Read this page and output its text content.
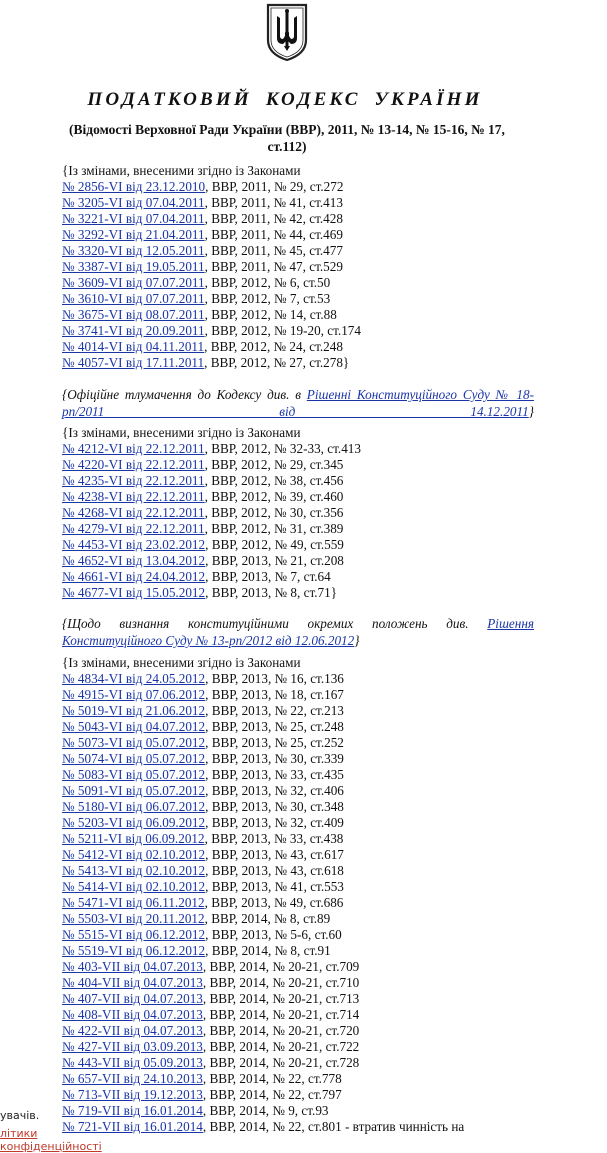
ПОДАТКОВИЙ КОДЕКС УКРАЇНИ

(Відомості Верховної Ради України (ВВР), 2011, № 13-14, № 15-16, № 17, ст.112)

{Із змінами, внесеними згідно із Законами
№ 2856-VI від 23.12.2010, ВВР, 2011, № 29, ст.272
№ 3205-VI від 07.04.2011, ВВР, 2011, № 41, ст.413
№ 3221-VI від 07.04.2011, ВВР, 2011, № 42, ст.428
№ 3292-VI від 21.04.2011, ВВР, 2011, № 44, ст.469
№ 3320-VI від 12.05.2011, ВВР, 2011, № 45, ст.477
№ 3387-VI від 19.05.2011, ВВР, 2011, № 47, ст.529
№ 3609-VI від 07.07.2011, ВВР, 2012, № 6, ст.50
№ 3610-VI від 07.07.2011, ВВР, 2012, № 7, ст.53
№ 3675-VI від 08.07.2011, ВВР, 2012, № 14, ст.88
№ 3741-VI від 20.09.2011, ВВР, 2012, № 19-20, ст.174
№ 4014-VI від 04.11.2011, ВВР, 2012, № 24, ст.248
№ 4057-VI від 17.11.2011, ВВР, 2012, № 27, ст.278}

{Офіційне тлумачення до Кодексу див. в Рішенні Конституційного Суду № 18-рп/2011 від 14.12.2011}

{Із змінами, внесеними згідно із Законами
№ 4212-VI від 22.12.2011, ВВР, 2012, № 32-33, ст.413
№ 4220-VI від 22.12.2011, ВВР, 2012, № 29, ст.345
№ 4235-VI від 22.12.2011, ВВР, 2012, № 38, ст.456
№ 4238-VI від 22.12.2011, ВВР, 2012, № 39, ст.460
№ 4268-VI від 22.12.2011, ВВР, 2012, № 30, ст.356
№ 4279-VI від 22.12.2011, ВВР, 2012, № 31, ст.389
№ 4453-VI від 23.02.2012, ВВР, 2012, № 49, ст.559
№ 4652-VI від 13.04.2012, ВВР, 2013, № 21, ст.208
№ 4661-VI від 24.04.2012, ВВР, 2013, № 7, ст.64
№ 4677-VI від 15.05.2012, ВВР, 2013, № 8, ст.71}

{Щодо визнання конституційними окремих положень див. Рішення
Конституційного Суду № 13-рп/2012 від 12.06.2012}

{Із змінами, внесеними згідно із Законами
№ 4834-VI від 24.05.2012, ВВР, 2013, № 16, ст.136
№ 4915-VI від 07.06.2012, ВВР, 2013, № 18, ст.167
№ 5019-VI від 21.06.2012, ВВР, 2013, № 22, ст.213
№ 5043-VI від 04.07.2012, ВВР, 2013, № 25, ст.248
№ 5073-VI від 05.07.2012, ВВР, 2013, № 25, ст.252
№ 5074-VI від 05.07.2012, ВВР, 2013, № 30, ст.339
№ 5083-VI від 05.07.2012, ВВР, 2013, № 33, ст.435
№ 5091-VI від 05.07.2012, ВВР, 2013, № 32, ст.406
№ 5180-VI від 06.07.2012, ВВР, 2013, № 30, ст.348
№ 5203-VI від 06.09.2012, ВВР, 2013, № 32, ст.409
№ 5211-VI від 06.09.2012, ВВР, 2013, № 33, ст.438
№ 5412-VI від 02.10.2012, ВВР, 2013, № 43, ст.617
№ 5413-VI від 02.10.2012, ВВР, 2013, № 43, ст.618
№ 5414-VI від 02.10.2012, ВВР, 2013, № 41, ст.553
№ 5471-VI від 06.11.2012, ВВР, 2013, № 49, ст.686
№ 5503-VI від 20.11.2012, ВВР, 2014, № 8, ст.89
№ 5515-VI від 06.12.2012, ВВР, 2013, № 5-6, ст.60
№ 5519-VI від 06.12.2012, ВВР, 2014, № 8, ст.91
№ 403-VII від 04.07.2013, ВВР, 2014, № 20-21, ст.709
№ 404-VII від 04.07.2013, ВВР, 2014, № 20-21, ст.710
№ 407-VII від 04.07.2013, ВВР, 2014, № 20-21, ст.713
№ 408-VII від 04.07.2013, ВВР, 2014, № 20-21, ст.714
№ 422-VII від 04.07.2013, ВВР, 2014, № 20-21, ст.720
№ 427-VII від 03.09.2013, ВВР, 2014, № 20-21, ст.722
№ 443-VII від 05.09.2013, ВВР, 2014, № 20-21, ст.728
№ 657-VII від 24.10.2013, ВВР, 2014, № 22, ст.778
№ 713-VII від 19.12.2013, ВВР, 2014, № 22, ст.797
№ 719-VII від 16.01.2014, ВВР, 2014, № 9, ст.93
№ 721-VII від 16.01.2014, ВВР, 2014, № 22, ст.801 - втратив чинність на
увачів.
літики конфіденційності
